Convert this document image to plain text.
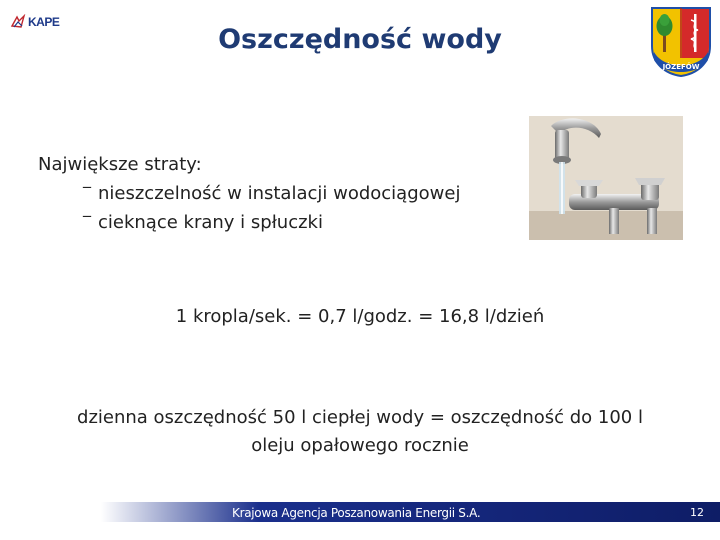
KAPE
Oszczędność wody
JÓZEFÓW
Największe straty:
‾ nieszczelność w instalacji wodociągowej
‾ cieknące krany i spłuczki
1 kropla/sek. = 0,7 l/godz. = 16,8 l/dzień
dzienna oszczędność 50 l ciepłej wody = oszczędność do 100 l
oleju opałowego rocznie
Krajowa Agencja Poszanowania Energii S.A.	12
